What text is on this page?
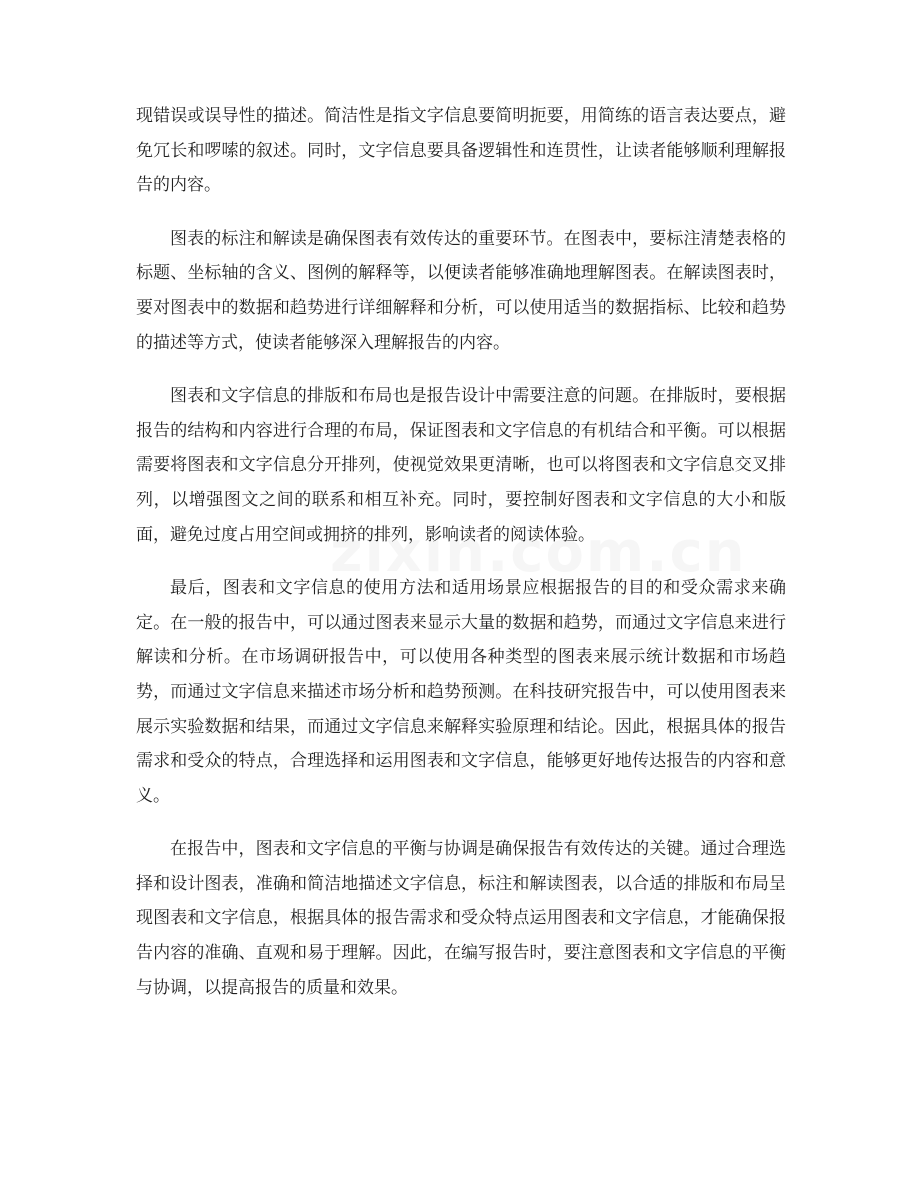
现错误或误导性的描述。简洁性是指文字信息要简明扼要，用简练的语言表达要点，避免冗长和啰嗦的叙述。同时，文字信息要具备逻辑性和连贯性，让读者能够顺利理解报告的内容。

图表的标注和解读是确保图表有效传达的重要环节。在图表中，要标注清楚表格的标题、坐标轴的含义、图例的解释等，以便读者能够准确地理解图表。在解读图表时，要对图表中的数据和趋势进行详细解释和分析，可以使用适当的数据指标、比较和趋势的描述等方式，使读者能够深入理解报告的内容。

图表和文字信息的排版和布局也是报告设计中需要注意的问题。在排版时，要根据报告的结构和内容进行合理的布局，保证图表和文字信息的有机结合和平衡。可以根据需要将图表和文字信息分开排列，使视觉效果更清晰，也可以将图表和文字信息交叉排列，以增强图文之间的联系和相互补充。同时，要控制好图表和文字信息的大小和版面，避免过度占用空间或拥挤的排列，影响读者的阅读体验。

最后，图表和文字信息的使用方法和适用场景应根据报告的目的和受众需求来确定。在一般的报告中，可以通过图表来显示大量的数据和趋势，而通过文字信息来进行解读和分析。在市场调研报告中，可以使用各种类型的图表来展示统计数据和市场趋势，而通过文字信息来描述市场分析和趋势预测。在科技研究报告中，可以使用图表来展示实验数据和结果，而通过文字信息来解释实验原理和结论。因此，根据具体的报告需求和受众的特点，合理选择和运用图表和文字信息，能够更好地传达报告的内容和意义。

在报告中，图表和文字信息的平衡与协调是确保报告有效传达的关键。通过合理选择和设计图表，准确和简洁地描述文字信息，标注和解读图表，以合适的排版和布局呈现图表和文字信息，根据具体的报告需求和受众特点运用图表和文字信息，才能确保报告内容的准确、直观和易于理解。因此，在编写报告时，要注意图表和文字信息的平衡与协调，以提高报告的质量和效果。
